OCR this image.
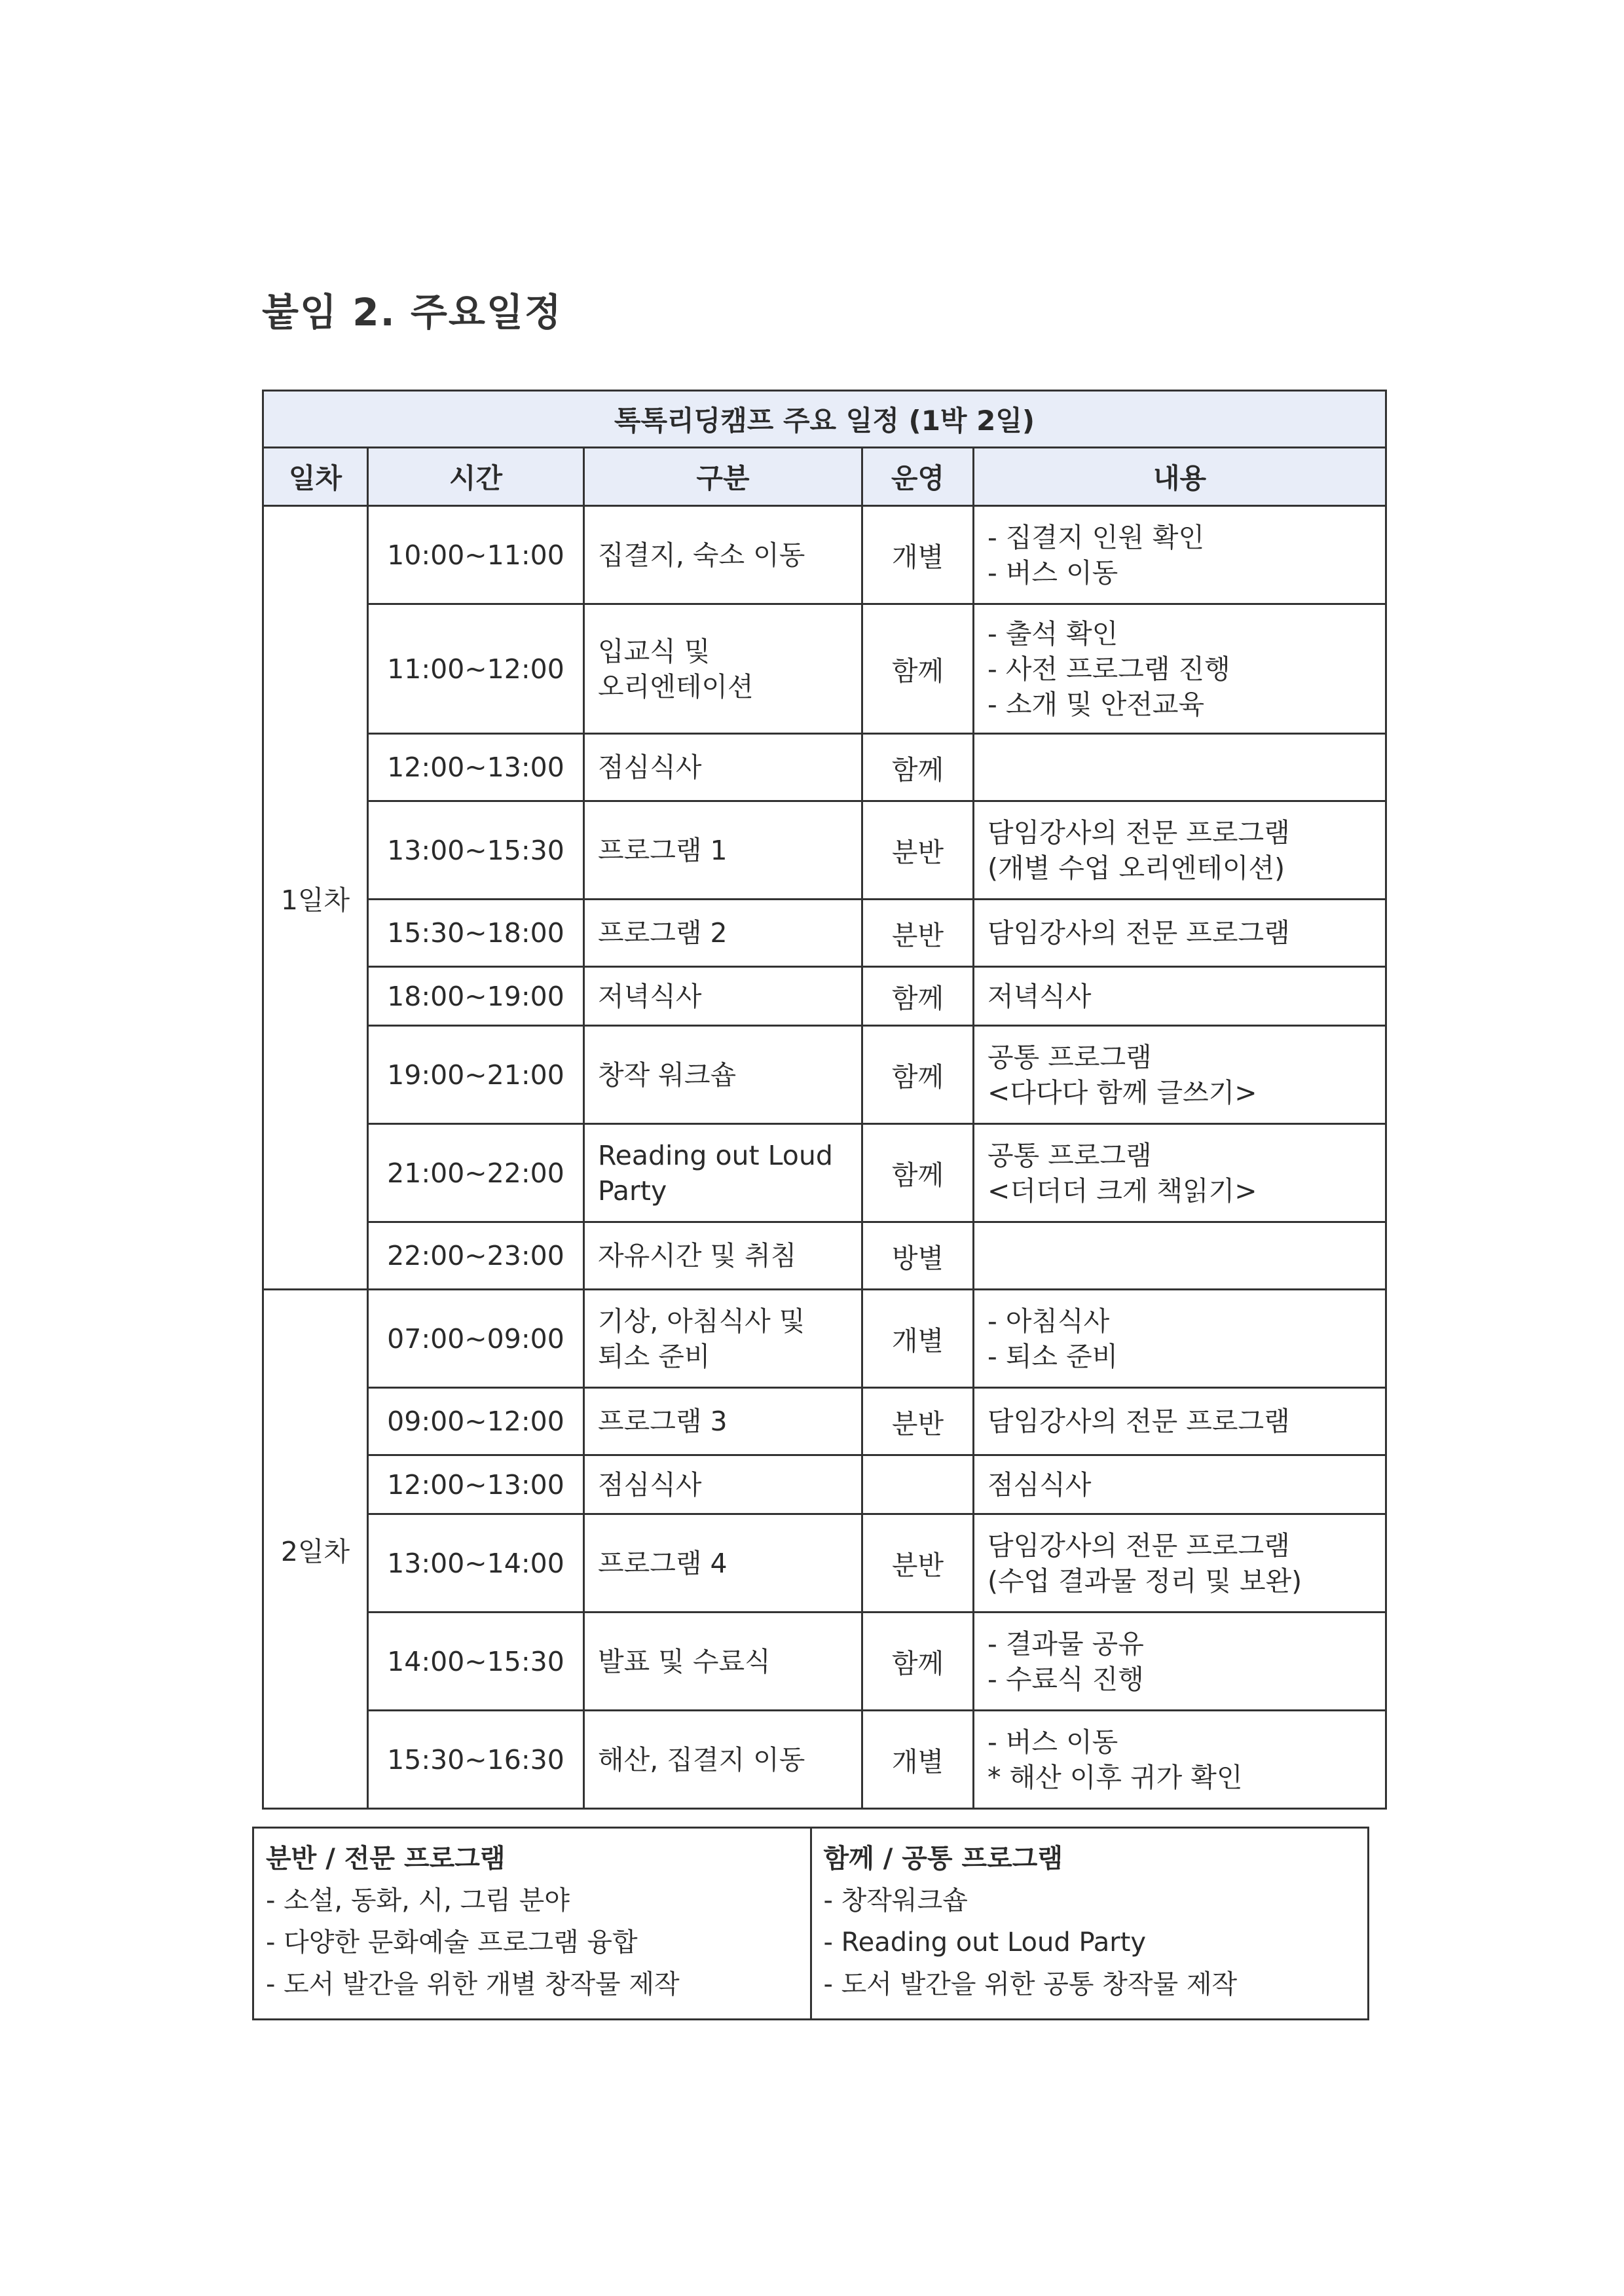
붙임 2. 주요일정
톡톡리딩캠프 주요 일정 (1박 2일)				
일차	시간	구분	운영	내용
1일차	10:00~11:00	집결지, 숙소 이동	개별	- 집결지 인원 확인
- 버스 이동
	11:00~12:00	입교식 및
오리엔테이션	함께	- 출석 확인
- 사전 프로그램 진행
- 소개 및 안전교육
	12:00~13:00	점심식사	함께	
	13:00~15:30	프로그램 1	분반	담임강사의 전문 프로그램
(개별 수업 오리엔테이션)
	15:30~18:00	프로그램 2	분반	담임강사의 전문 프로그램
	18:00~19:00	저녁식사	함께	저녁식사
	19:00~21:00	창작 워크숍	함께	공통 프로그램
<다다다 함께 글쓰기>
	21:00~22:00	Reading out Loud
Party	함께	공통 프로그램
<더더더 크게 책읽기>
	22:00~23:00	자유시간 및 취침	방별	
2일차	07:00~09:00	기상, 아침식사 및
퇴소 준비	개별	- 아침식사
- 퇴소 준비
	09:00~12:00	프로그램 3	분반	담임강사의 전문 프로그램
	12:00~13:00	점심식사		점심식사
	13:00~14:00	프로그램 4	분반	담임강사의 전문 프로그램
(수업 결과물 정리 및 보완)
	14:00~15:30	발표 및 수료식	함께	- 결과물 공유
- 수료식 진행
	15:30~16:30	해산, 집결지 이동	개별	- 버스 이동
* 해산 이후 귀가 확인
분반 / 전문 프로그램
- 소설, 동화, 시, 그림 분야
- 다양한 문화예술 프로그램 융합
- 도서 발간을 위한 개별 창작물 제작
함께 / 공통 프로그램
- 창작워크숍
- Reading out Loud Party
- 도서 발간을 위한 공통 창작물 제작
